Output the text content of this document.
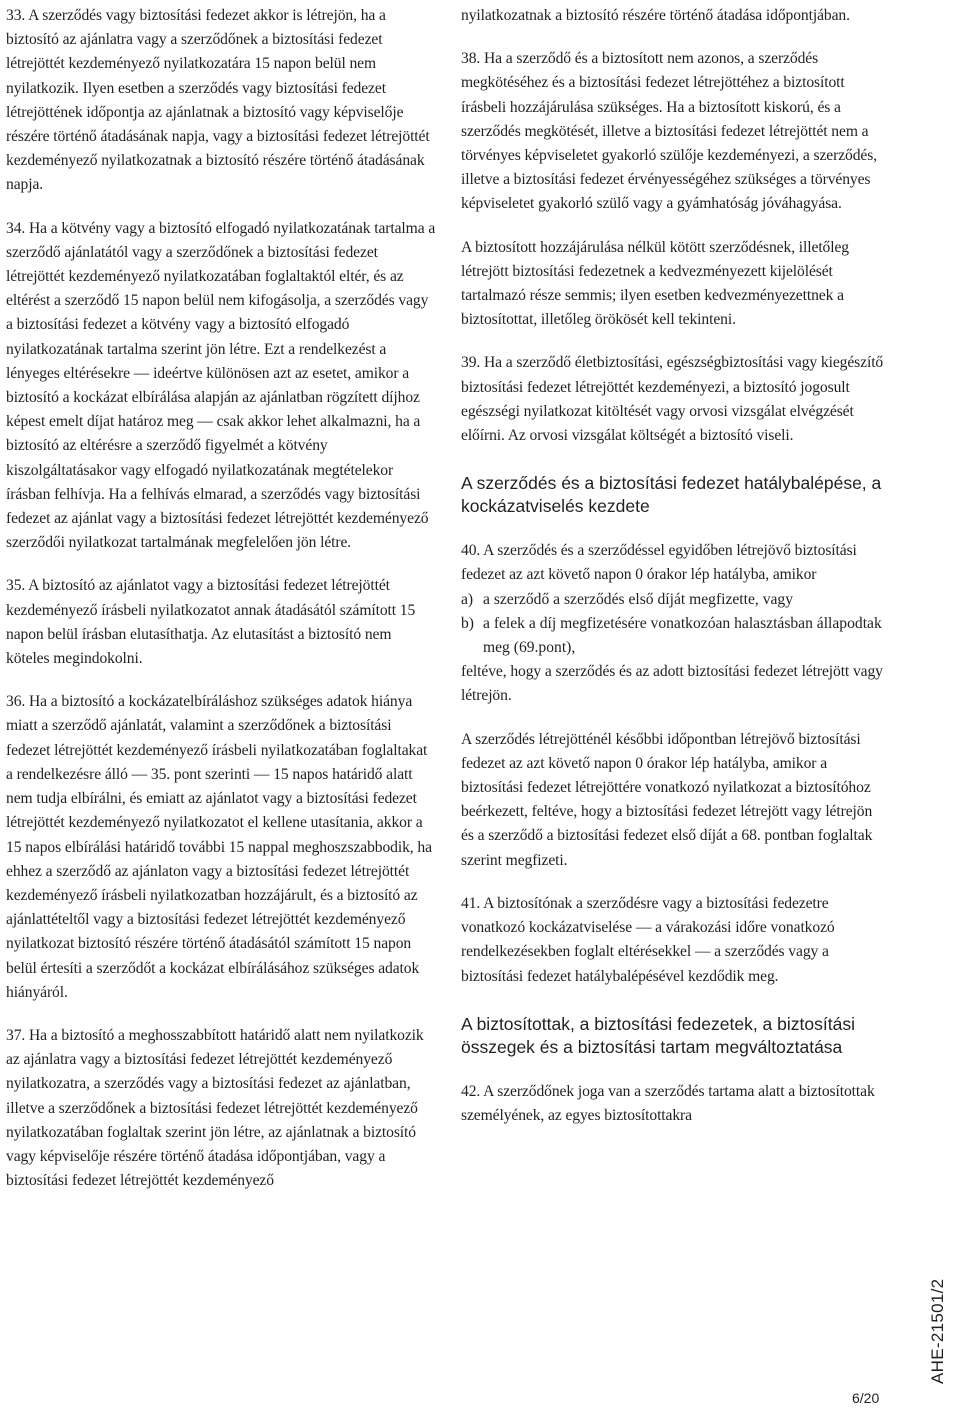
33. A szerződés vagy biztosítási fedezet akkor is létrejön, ha a biztosító az ajánlatra vagy a szerződőnek a biztosítási fedezet létrejöttét kezdeményező nyilatkozatára 15 napon belül nem nyilatkozik. Ilyen esetben a szerződés vagy biztosítási fedezet létrejöttének időpontja az ajánlatnak a biztosító vagy képviselője részére történő átadásának napja, vagy a biztosítási fedezet létrejöttét kezdeményező nyilatkozatnak a biztosító részére történő átadásának napja.

34. Ha a kötvény vagy a biztosító elfogadó nyilatkozatának tartalma a szerződő ajánlatától vagy a szerződőnek a biztosítási fedezet létrejöttét kezdeményező nyilatkozatában foglaltaktól eltér, és az eltérést a szerződő 15 napon belül nem kifogásolja, a szerződés vagy a biztosítási fedezet a kötvény vagy a biztosító elfogadó nyilatkozatának tartalma szerint jön létre. Ezt a rendelkezést a lényeges eltérésekre — ideértve különösen azt az esetet, amikor a biztosító a kockázat elbírálása alapján az ajánlatban rögzített díjhoz képest emelt díjat határoz meg — csak akkor lehet alkalmazni, ha a biztosító az eltérésre a szerződő figyelmét a kötvény kiszolgáltatásakor vagy elfogadó nyilatkozatának megtételekor írásban felhívja. Ha a felhívás elmarad, a szerződés vagy biztosítási fedezet az ajánlat vagy a biztosítási fedezet létrejöttét kezdeményező szerződői nyilatkozat tartalmának megfelelően jön létre.

35. A biztosító az ajánlatot vagy a biztosítási fedezet létrejöttét kezdeményező írásbeli nyilatkozatot annak átadásától számított 15 napon belül írásban elutasíthatja. Az elutasítást a biztosító nem köteles megindokolni.

36. Ha a biztosító a kockázatelbíráláshoz szükséges adatok hiánya miatt a szerződő ajánlatát, valamint a szerződőnek a biztosítási fedezet létrejöttét kezdeményező írásbeli nyilatkozatában foglaltakat a rendelkezésre álló — 35. pont szerinti — 15 napos határidő alatt nem tudja elbírálni, és emiatt az ajánlatot vagy a biztosítási fedezet létrejöttét kezdeményező nyilatkozatot el kellene utasítania, akkor a 15 napos elbírálási határidő további 15 nappal meghoszszabbodik, ha ehhez a szerződő az ajánlaton vagy a biztosítási fedezet létrejöttét kezdeményező írásbeli nyilatkozatban hozzájárult, és a biztosító az ajánlattételtől vagy a biztosítási fedezet létrejöttét kezdeményező nyilatkozat biztosító részére történő átadásától számított 15 napon belül értesíti a szerződőt a kockázat elbírálásához szükséges adatok hiányáról.

37. Ha a biztosító a meghosszabbított határidő alatt nem nyilatkozik az ajánlatra vagy a biztosítási fedezet létrejöttét kezdeményező nyilatkozatra, a szerződés vagy a biztosítási fedezet az ajánlatban, illetve a szerződőnek a biztosítási fedezet létrejöttét kezdeményező nyilatkozatában foglaltak szerint jön létre, az ajánlatnak a biztosító vagy képviselője részére történő átadása időpontjában, vagy a biztosítási fedezet létrejöttét kezdeményező

nyilatkozatnak a biztosító részére történő átadása időpontjában.

38. Ha a szerződő és a biztosított nem azonos, a szerződés megkötéséhez és a biztosítási fedezet létrejöttéhez a biztosított írásbeli hozzájárulása szükséges. Ha a biztosított kiskorú, és a szerződés megkötését, illetve a biztosítási fedezet létrejöttét nem a törvényes képviseletet gyakorló szülője kezdeményezi, a szerződés, illetve a biztosítási fedezet érvényességéhez szükséges a törvényes képviseletet gyakorló szülő vagy a gyámhatóság jóváhagyása.

A biztosított hozzájárulása nélkül kötött szerződésnek, illetőleg létrejött biztosítási fedezetnek a kedvezményezett kijelölését tartalmazó része semmis; ilyen esetben kedvezményezettnek a biztosítottat, illetőleg örökösét kell tekinteni.

39. Ha a szerződő életbiztosítási, egészségbiztosítási vagy kiegészítő biztosítási fedezet létrejöttét kezdeményezi, a biztosító jogosult egészségi nyilatkozat kitöltését vagy orvosi vizsgálat elvégzését előírni. Az orvosi vizsgálat költségét a biztosító viseli.

A szerződés és a biztosítási fedezet hatálybalépése, a kockázatviselés kezdete

40. A szerződés és a szerződéssel egyidőben létrejövő biztosítási fedezet az azt követő napon 0 órakor lép hatályba, amikor

a) a szerződő a szerződés első díját megfizette, vagy
b) a felek a díj megfizetésére vonatkozóan halasztásban állapodtak meg (69.pont),

feltéve, hogy a szerződés és az adott biztosítási fedezet létrejött vagy létrejön.

A szerződés létrejötténél későbbi időpontban létrejövő biztosítási fedezet az azt követő napon 0 órakor lép hatályba, amikor a biztosítási fedezet létrejöttére vonatkozó nyilatkozat a biztosítóhoz beérkezett, feltéve, hogy a biztosítási fedezet létrejött vagy létrejön és a szerződő a biztosítási fedezet első díját a 68. pontban foglaltak szerint megfizeti.

41. A biztosítónak a szerződésre vagy a biztosítási fedezetre vonatkozó kockázatviselése — a várakozási időre vonatkozó rendelkezésekben foglalt eltérésekkel — a szerződés vagy a biztosítási fedezet hatálybalépésével kezdődik meg.

A biztosítottak, a biztosítási fedezetek, a biztosítási összegek és a biztosítási tartam megváltoztatása

42. A szerződőnek joga van a szerződés tartama alatt a biztosítottak személyének, az egyes biztosítottakra

AHE-21501/2
6/20
